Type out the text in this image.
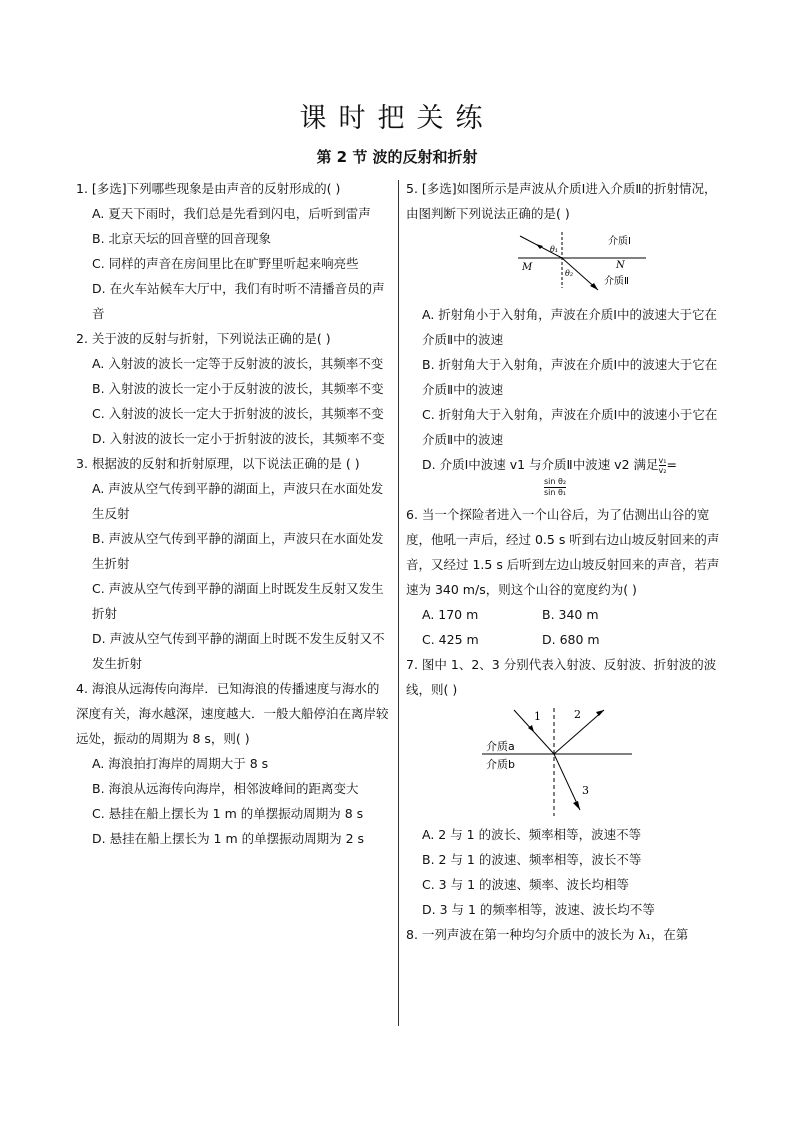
课时把关练
第 2 节 波的反射和折射
1. [多选]下列哪些现象是由声音的反射形成的( )
A. 夏天下雨时，我们总是先看到闪电，后听到雷声
B. 北京天坛的回音壁的回音现象
C. 同样的声音在房间里比在旷野里听起来响亮些
D. 在火车站候车大厅中，我们有时听不清播音员的声音
2. 关于波的反射与折射，下列说法正确的是( )
A. 入射波的波长一定等于反射波的波长，其频率不变
B. 入射波的波长一定小于反射波的波长，其频率不变
C. 入射波的波长一定大于折射波的波长，其频率不变
D. 入射波的波长一定小于折射波的波长，其频率不变
3. 根据波的反射和折射原理，以下说法正确的是 ( )
A. 声波从空气传到平静的湖面上，声波只在水面处发生反射
B. 声波从空气传到平静的湖面上，声波只在水面处发生折射
C. 声波从空气传到平静的湖面上时既发生反射又发生折射
D. 声波从空气传到平静的湖面上时既不发生反射又不发生折射
4. 海浪从远海传向海岸．已知海浪的传播速度与海水的深度有关，海水越深，速度越大．一般大船停泊在离岸较远处，振动的周期为 8 s，则( )
A. 海浪拍打海岸的周期大于 8 s
B. 海浪从远海传向海岸，相邻波峰间的距离变大
C. 悬挂在船上摆长为 1 m 的单摆振动周期为 8 s
D. 悬挂在船上摆长为 1 m 的单摆振动周期为 2 s
5. [多选]如图所示是声波从介质Ⅰ进入介质Ⅱ的折射情况，由图判断下列说法正确的是( )
介质Ⅰ
介质Ⅱ
M	N
θ₁
θ₂
A. 折射角小于入射角，声波在介质Ⅰ中的波速大于它在介质Ⅱ中的波速
B. 折射角大于入射角，声波在介质Ⅰ中的波速大于它在介质Ⅱ中的波速
C. 折射角大于入射角，声波在介质Ⅰ中的波速小于它在介质Ⅱ中的波速
D. 介质Ⅰ中波速 v1 与介质Ⅱ中波速 v2 满足 $\frac{\text{v₁}}{\text{v₂}}$ =
$\frac{\text{sin θ₂}}{\text{sin θ₁}}$
6. 当一个探险者进入一个山谷后，为了估测出山谷的宽度，他吼一声后，经过 0.5 s 听到右边山坡反射回来的声音，又经过 1.5 s 后听到左边山坡反射回来的声音，若声速为 340 m/s，则这个山谷的宽度约为( )
A. 170 m	B. 340 m
C. 425 m	D. 680 m
7. 图中 1、2、3 分别代表入射波、反射波、折射波的波线，则( )
介质a
介质b
1	2
3
A. 2 与 1 的波长、频率相等，波速不等
B. 2 与 1 的波速、频率相等，波长不等
C. 3 与 1 的波速、频率、波长均相等
D. 3 与 1 的频率相等，波速、波长均不等
8. 一列声波在第一种均匀介质中的波长为 λ₁，在第
